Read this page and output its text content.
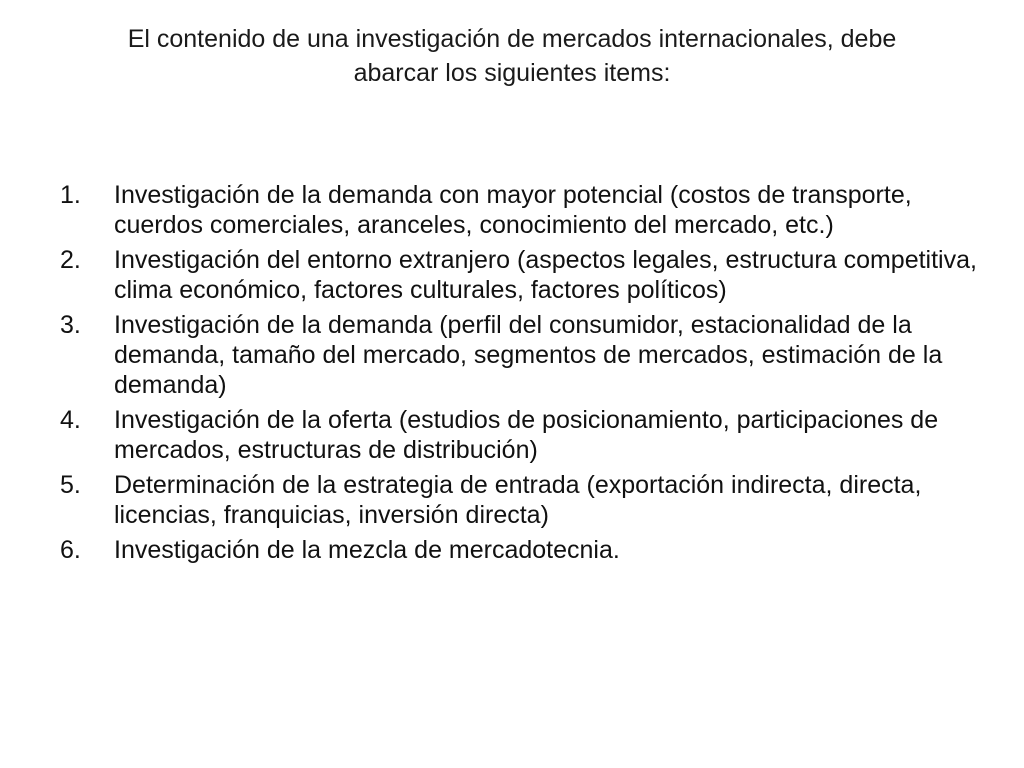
El contenido de una investigación de mercados internacionales, debe
abarcar los siguientes items:
1.	Investigación de la demanda con mayor potencial (costos de transporte, cuerdos comerciales, aranceles, conocimiento del mercado, etc.)
2.	Investigación del entorno extranjero (aspectos legales, estructura competitiva, clima económico, factores culturales, factores políticos)
3.	Investigación de la demanda (perfil del consumidor, estacionalidad de la demanda, tamaño del mercado, segmentos de mercados, estimación de la demanda)
4.	Investigación de la oferta (estudios de posicionamiento, participaciones de mercados, estructuras de distribución)
5.	Determinación de la estrategia de entrada (exportación indirecta, directa, licencias, franquicias, inversión directa)
6.	Investigación de la mezcla de mercadotecnia.
